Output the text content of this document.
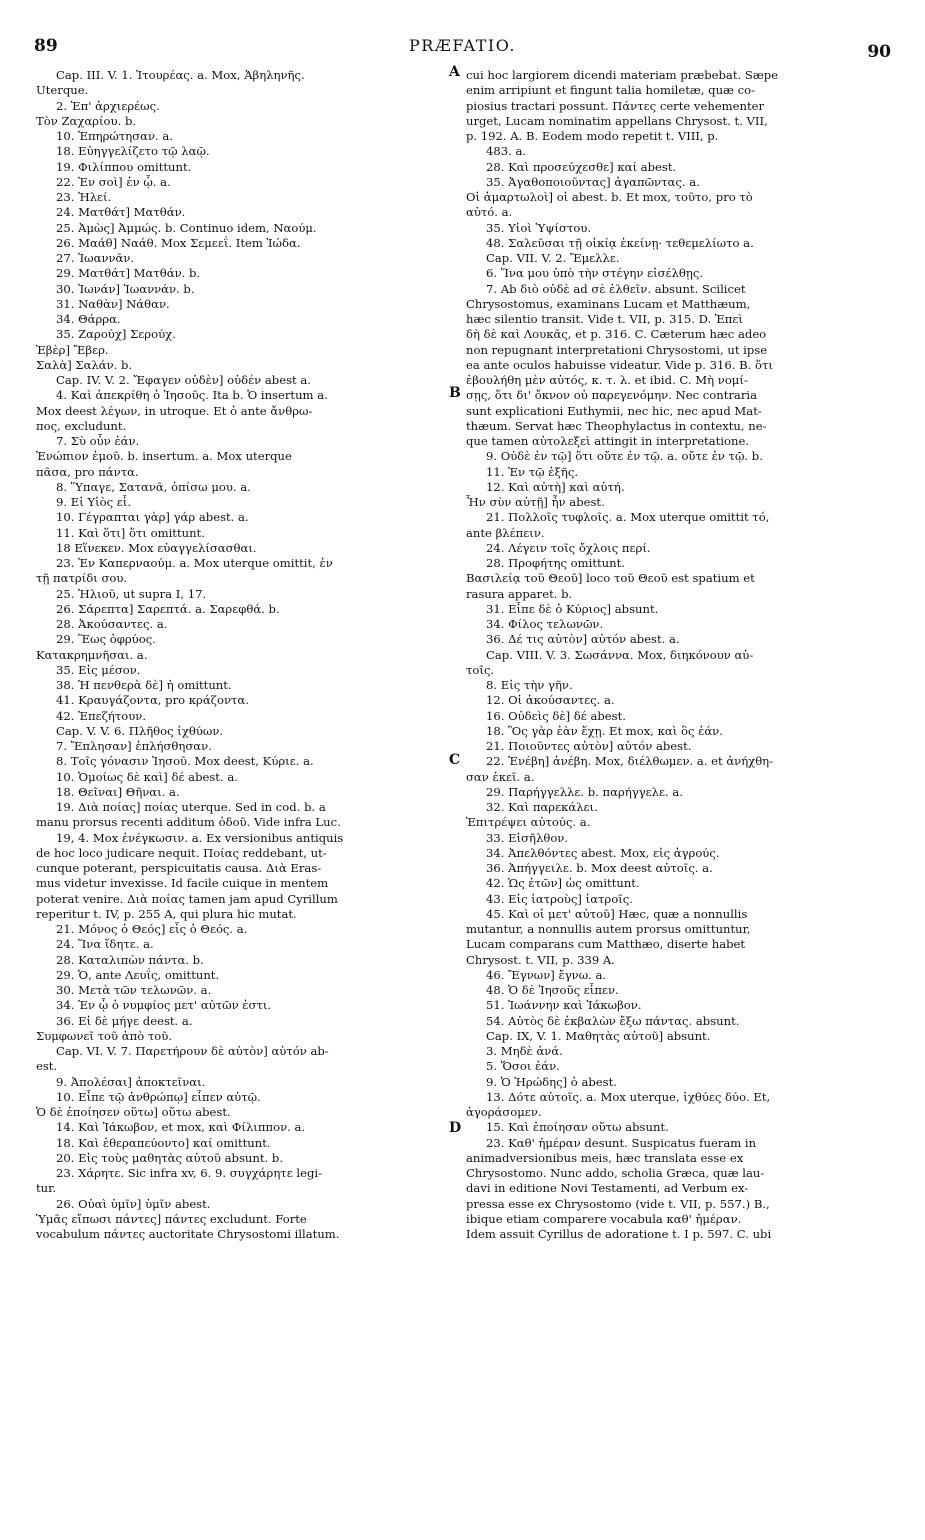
89	PRÆFATIO.	90
Cap. III. V. 1. Ἰτουρέας. a. Mox, Ἀβηληνῆς.
Uterque.
2. Ἐπ' ἀρχιερέως.
Τὸν Ζαχαρίου. b.
10. Ἐπηρώτησαν. a.
18. Εὐηγγελίζετο τῷ λαῷ.
19. Φιλίππου omittunt.
22. Ἐν σοὶ] ἐν ᾧ. a.
23. Ἠλεί.
24. Ματθάτ] Ματθάν.
25. Ἀμὼς] Ἀμμώς. b. Continuo idem, Ναούμ.
26. Μαάθ] Ναάθ. Mox Σεμεεΐ. Item Ἰώδα.
27. Ἰωαννᾶν.
29. Ματθάτ] Ματθάν. b.
30. Ἰωνάν] Ἰωαννάν. b.
31. Ναθὰν] Νάθαν.
34. Θάρρα.
35. Ζαρούχ] Σερούχ.
Ἑβὲρ] Ἔβερ.
Σαλὰ] Σαλάν. b.
Cap. IV. V. 2. Ἔφαγεν οὐδὲν] οὐδέν abest a.
4. Καὶ ἀπεκρίθη ὁ Ἰησοῦς. Ita b. Ὁ insertum a.
Mox deest λέγων, in utroque. Et ὁ ante ἄνθρω-
πος, excludunt.
7. Σὺ οὖν ἐάν.
Ἐνώπιον ἐμοῦ. b. insertum. a. Mox uterque
πᾶσα, pro πάντα.
8. Ὕπαγε, Σατανᾶ, ὀπίσω μου. a.
9. Εἰ Υἱὸς εἶ.
10. Γέγραπται γὰρ] γάρ abest. a.
11. Καὶ ὅτι] ὅτι omittunt.
18 Εἵνεκεν. Mox εὐαγγελίσασθαι.
23. Ἐν Καπερναούμ. a. Mox uterque omittit, ἐν
τῇ πατρίδι σου.
25. Ἠλιοῦ, ut supra I, 17.
26. Σάρεπτα] Σαρεπτά. a. Σαρεφθά. b.
28. Ἀκούσαντες. a.
29. Ἕως ὀφρύος.
Κατακρημνῆσαι. a.
35. Εἰς μέσον.
38. Ἡ πενθερὰ δὲ] ἡ omittunt.
41. Κραυγάζοντα, pro κράζοντα.
42. Ἐπεζήτουν.
Cap. V. V. 6. Πλῆθος ἰχθύων.
7. Ἔπλησαν] ἐπλήσθησαν.
8. Τοῖς γόνασιν Ἰησοῦ. Mox deest, Κύριε. a.
10. Ὁμοίως δὲ καὶ] δέ abest. a.
18. Θεῖναι] Θῆναι. a.
19. Διὰ ποίας] ποίας uterque. Sed in cod. b. a
manu prorsus recenti additum ὁδοῦ. Vide infra Luc.
19, 4. Mox ἐνέγκωσιν. a. Ex versionibus antiquis
de hoc loco judicare nequit. Ποίας reddebant, ut-
cunque poterant, perspicuitatis causa. Διὰ Eras-
mus videtur invexisse. Id facile cuique in mentem
poterat venire. Διὰ ποίας tamen jam apud Cyrillum
reperitur t. IV, p. 255 A, qui plura hic mutat.
21. Μόνος ὁ Θεός] εἷς ὁ Θεός. a.
24. Ἵνα ἴδητε. a.
28. Καταλιπὼν πάντα. b.
29. Ὁ, ante Λευΐς, omittunt.
30. Μετὰ τῶν τελωνῶν. a.
34. Ἐν ᾧ ὁ νυμφίος μετ' αὐτῶν ἐστι.
36. Εἰ δὲ μήγε deest. a.
Συμφωνεῖ τοῦ ἀπὸ τοῦ.
Cap. VI. V. 7. Παρετήρουν δὲ αὐτὸν] αὐτόν ab-
est.
9. Ἀπολέσαι] ἀποκτεῖναι.
10. Εἶπε τῷ ἀνθρώπῳ] εἶπεν αὐτῷ.
Ὁ δὲ ἐποίησεν οὕτω] οὕτω abest.
14. Καὶ Ἰάκωβον, et mox, καὶ Φίλιππον. a.
18. Καὶ ἐθεραπεύοντο] καί omittunt.
20. Εἰς τοὺς μαθητὰς αὐτοῦ absunt. b.
23. Χάρητε. Sic infra xv, 6. 9. συγχάρητε legi-
tur.
26. Οὐαὶ ὑμῖν] ὑμῖν abest.
Ὑμᾶς εἴπωσι πάντες] πάντες excludunt. Forte
vocabulum πάντες auctoritate Chrysostomi illatum.
cui hoc largiorem dicendi materiam præbebat. Sæpe
enim arripiunt et fingunt talia homiletæ, quæ co-
piosius tractari possunt. Πάντες certe vehementer
urget, Lucam nominatim appellans Chrysost. t. VII,
p. 192. A. B. Eodem modo repetit t. VIII, p.
483. a.
28. Καὶ προσεύχεσθε] καί abest.
35. Ἀγαθοποιοῦντας] ἀγαπῶντας. a.
Οἱ ἁμαρτωλοὶ] οἱ abest. b. Et mox, τοῦτο, pro τὸ
αὐτό. a.
35. Υἱοὶ Ὑψίστου.
48. Σαλεῦσαι τῇ οἰκίᾳ ἐκείνῃ· τεθεμελίωτο a.
Cap. VII. V. 2. Ἔμελλε.
6. Ἵνα μου ὑπὸ τὴν στέγην εἰσέλθῃς.
7. Ab διὸ οὐδὲ ad σὲ ἐλθεῖν. absunt. Scilicet
Chrysostomus, examinans Lucam et Matthæum,
hæc silentio transit. Vide t. VII, p. 315. D. Ἐπεὶ
δὴ δὲ καὶ Λουκᾶς, et p. 316. C. Cæterum hæc adeo
non repugnant interpretationi Chrysostomi, ut ipse
ea ante oculos habuisse videatur. Vide p. 316. B. ὅτι
ἐβουλήθη μὲν αὐτός, κ. τ. λ. et ibid. C. Μὴ νομί-
σῃς, ὅτι δι' ὄκνον οὐ παρεγενόμην. Nec contraria
sunt explicationi Euthymii, nec hic, nec apud Mat-
thæum. Servat hæc Theophylactus in contextu, ne-
que tamen αὐτολεξεὶ attingit in interpretatione.
9. Οὐδὲ ἐν τῷ] ὅτι οὔτε ἐν τῷ. a. οὔτε ἐν τῷ. b.
11. Ἐν τῷ ἑξῆς.
12. Καὶ αὐτὴ] καὶ αὐτή.
Ἦν σὺν αὐτῇ] ἦν abest.
21. Πολλοῖς τυφλοῖς. a. Mox uterque omittit τό,
ante βλέπειν.
24. Λέγειν τοῖς ὄχλοις περί.
28. Προφήτης omittunt.
Βασιλείᾳ τοῦ Θεοῦ] loco τοῦ Θεοῦ est spatium et
rasura apparet. b.
31. Εἶπε δὲ ὁ Κύριος] absunt.
34. Φίλος τελωνῶν.
36. Δέ τις αὐτὸν] αὐτόν abest. a.
Cap. VIII. V. 3. Σωσάννα. Mox, διηκόνουν αὐ-
τοῖς.
8. Εἰς τὴν γῆν.
12. Οἱ ἀκούσαντες. a.
16. Οὐδεὶς δὲ] δέ abest.
18. Ὃς γὰρ ἐὰν ἔχῃ. Et mox, καὶ ὃς ἐάν.
21. Ποιοῦντες αὐτὸν] αὐτόν abest.
22. Ἐνέβη] ἀνέβη. Mox, διέλθωμεν. a. et ἀνήχθη-
σαν ἐκεῖ. a.
29. Παρήγγελλε. b. παρήγγελε. a.
32. Καὶ παρεκάλει.
Ἐπιτρέψει αὐτούς. a.
33. Εἰσῆλθον.
34. Ἀπελθόντες abest. Mox, εἰς ἀγρούς.
36. Ἀπήγγειλε. b. Mox deest αὐτοῖς. a.
42. Ὡς ἐτῶν] ὡς omittunt.
43. Εἰς ἰατροὺς] ἰατροῖς.
45. Καὶ οἱ μετ' αὐτοῦ] Hæc, quæ a nonnullis
mutantur, a nonnullis autem prorsus omittuntur,
Lucam comparans cum Matthæo, diserte habet
Chrysost. t. VII, p. 339 A.
46. Ἔγνων] ἔγνω. a.
48. Ὁ δὲ Ἰησοῦς εἶπεν.
51. Ἰωάννην καὶ Ἰάκωβον.
54. Αὐτὸς δὲ ἐκβαλὼν ἔξω πάντας. absunt.
Cap. IX, V. 1. Μαθητὰς αὐτοῦ] absunt.
3. Μηδὲ ἀνά.
5. Ὅσοι ἐάν.
9. Ὁ Ἡρώδης] ὁ abest.
13. Δότε αὐτοῖς. a. Mox uterque, ἰχθύες δύο. Et,
ἀγοράσομεν.
15. Καὶ ἐποίησαν οὕτω absunt.
23. Καθ' ἡμέραν desunt. Suspicatus fueram in
animadversionibus meis, hæc translata esse ex
Chrysostomo. Nunc addo, scholia Græca, quæ lau-
davi in editione Novi Testamenti, ad Verbum ex-
pressa esse ex Chrysostomo (vide t. VII, p. 557.) B.,
ibique etiam comparere vocabula καθ' ἡμέραν.
Idem assuit Cyrillus de adoratione t. I p. 597. C. ubi
A
B
C
D
